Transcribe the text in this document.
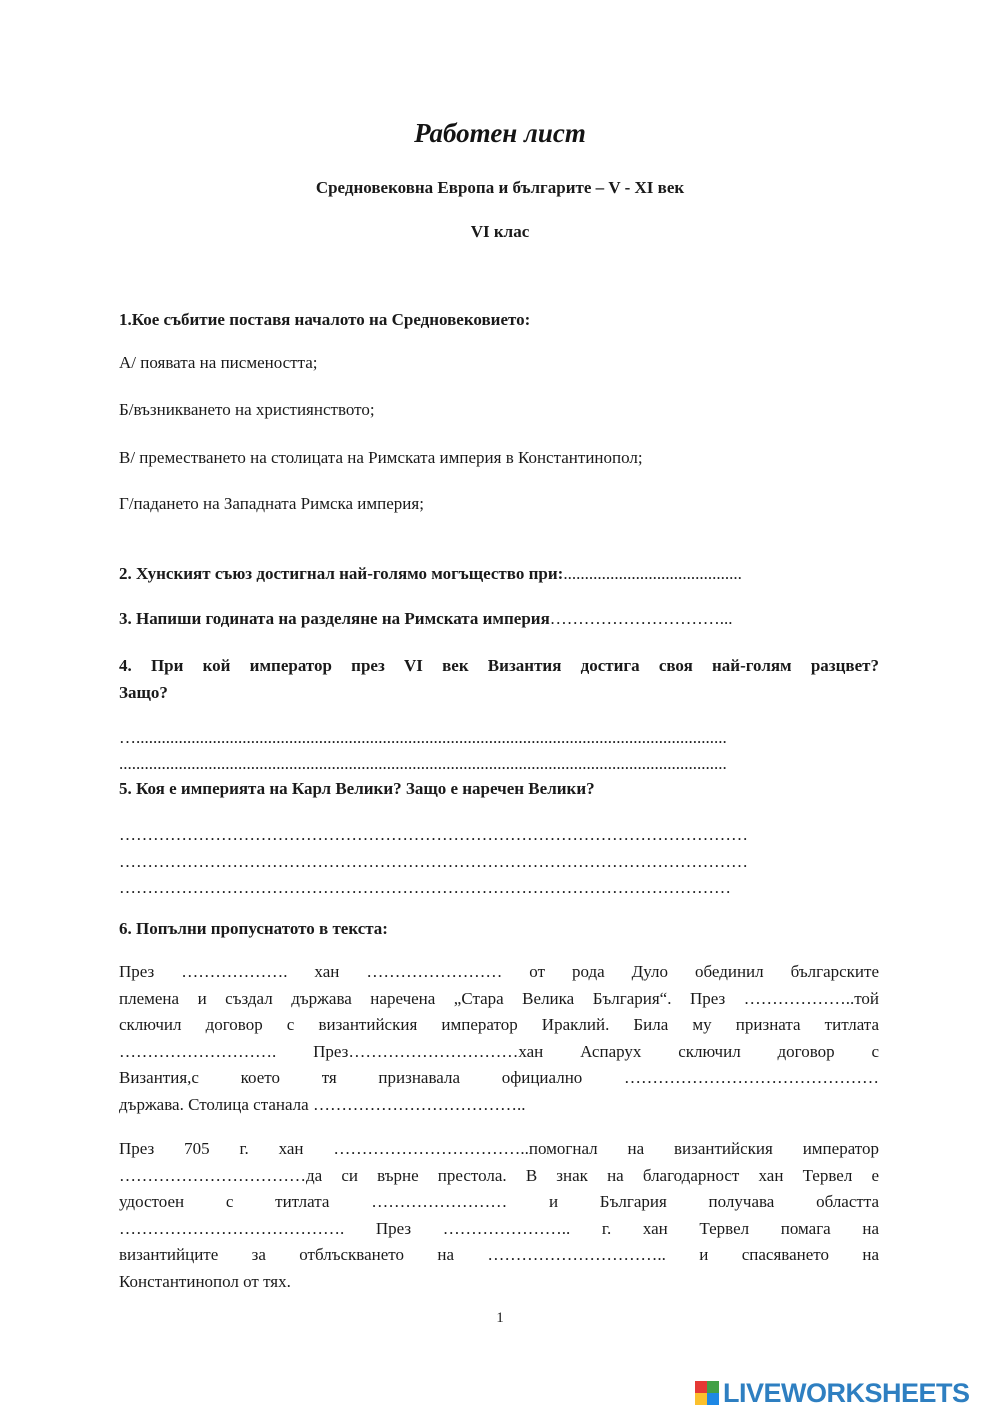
Работен лист
Средновековна Европа и българите – V - XI век
VI клас
1.Кое събитие поставя началото на Средновековието:
А/ появата на писмеността;
Б/възникването на християнството;
В/ преместването на столицата на Римската империя в Константинопол;
Г/падането на Западната Римска империя;
2. Хунският съюз достигнал най-голямо могъщество при:..........................................
3. Напиши годината на разделяне на Римската империя…………………………...
4. При кой император през VI век Византия достига своя най-голям разцвет?
Защо?
…...........................................................................................................................................
...............................................................................................................................................
5. Коя е империята на Карл Велики? Защо е наречен Велики?
…………………………………………………………………………………………………
…………………………………………………………………………………………………
………………………………………………………………………………………………
6. Попълни пропуснатото в текста:
През ………………. хан …………………… от рода Дуло обединил българските
племена и създал държава наречена „Стара Велика България“. През ………………..той
сключил договор с византийския император Ираклий. Била му призната титлата
………………………. През…………………………хан Аспарух сключил договор с
Византия,с което тя признавала официално ………………………………………
държава. Столица станала ………………………………..
През 705 г. хан ……………………………..помогнал на византийския император
……………………………да си върне престола. В знак на благодарност хан Тервел е
удостоен с титлата …………………… и България получава областта
…………………………………. През ………………….. г. хан Тервел помага на
византийците за отблъскването на ………………………….. и спасяването на
Константинопол от тях.
1
LIVEWORKSHEETS
